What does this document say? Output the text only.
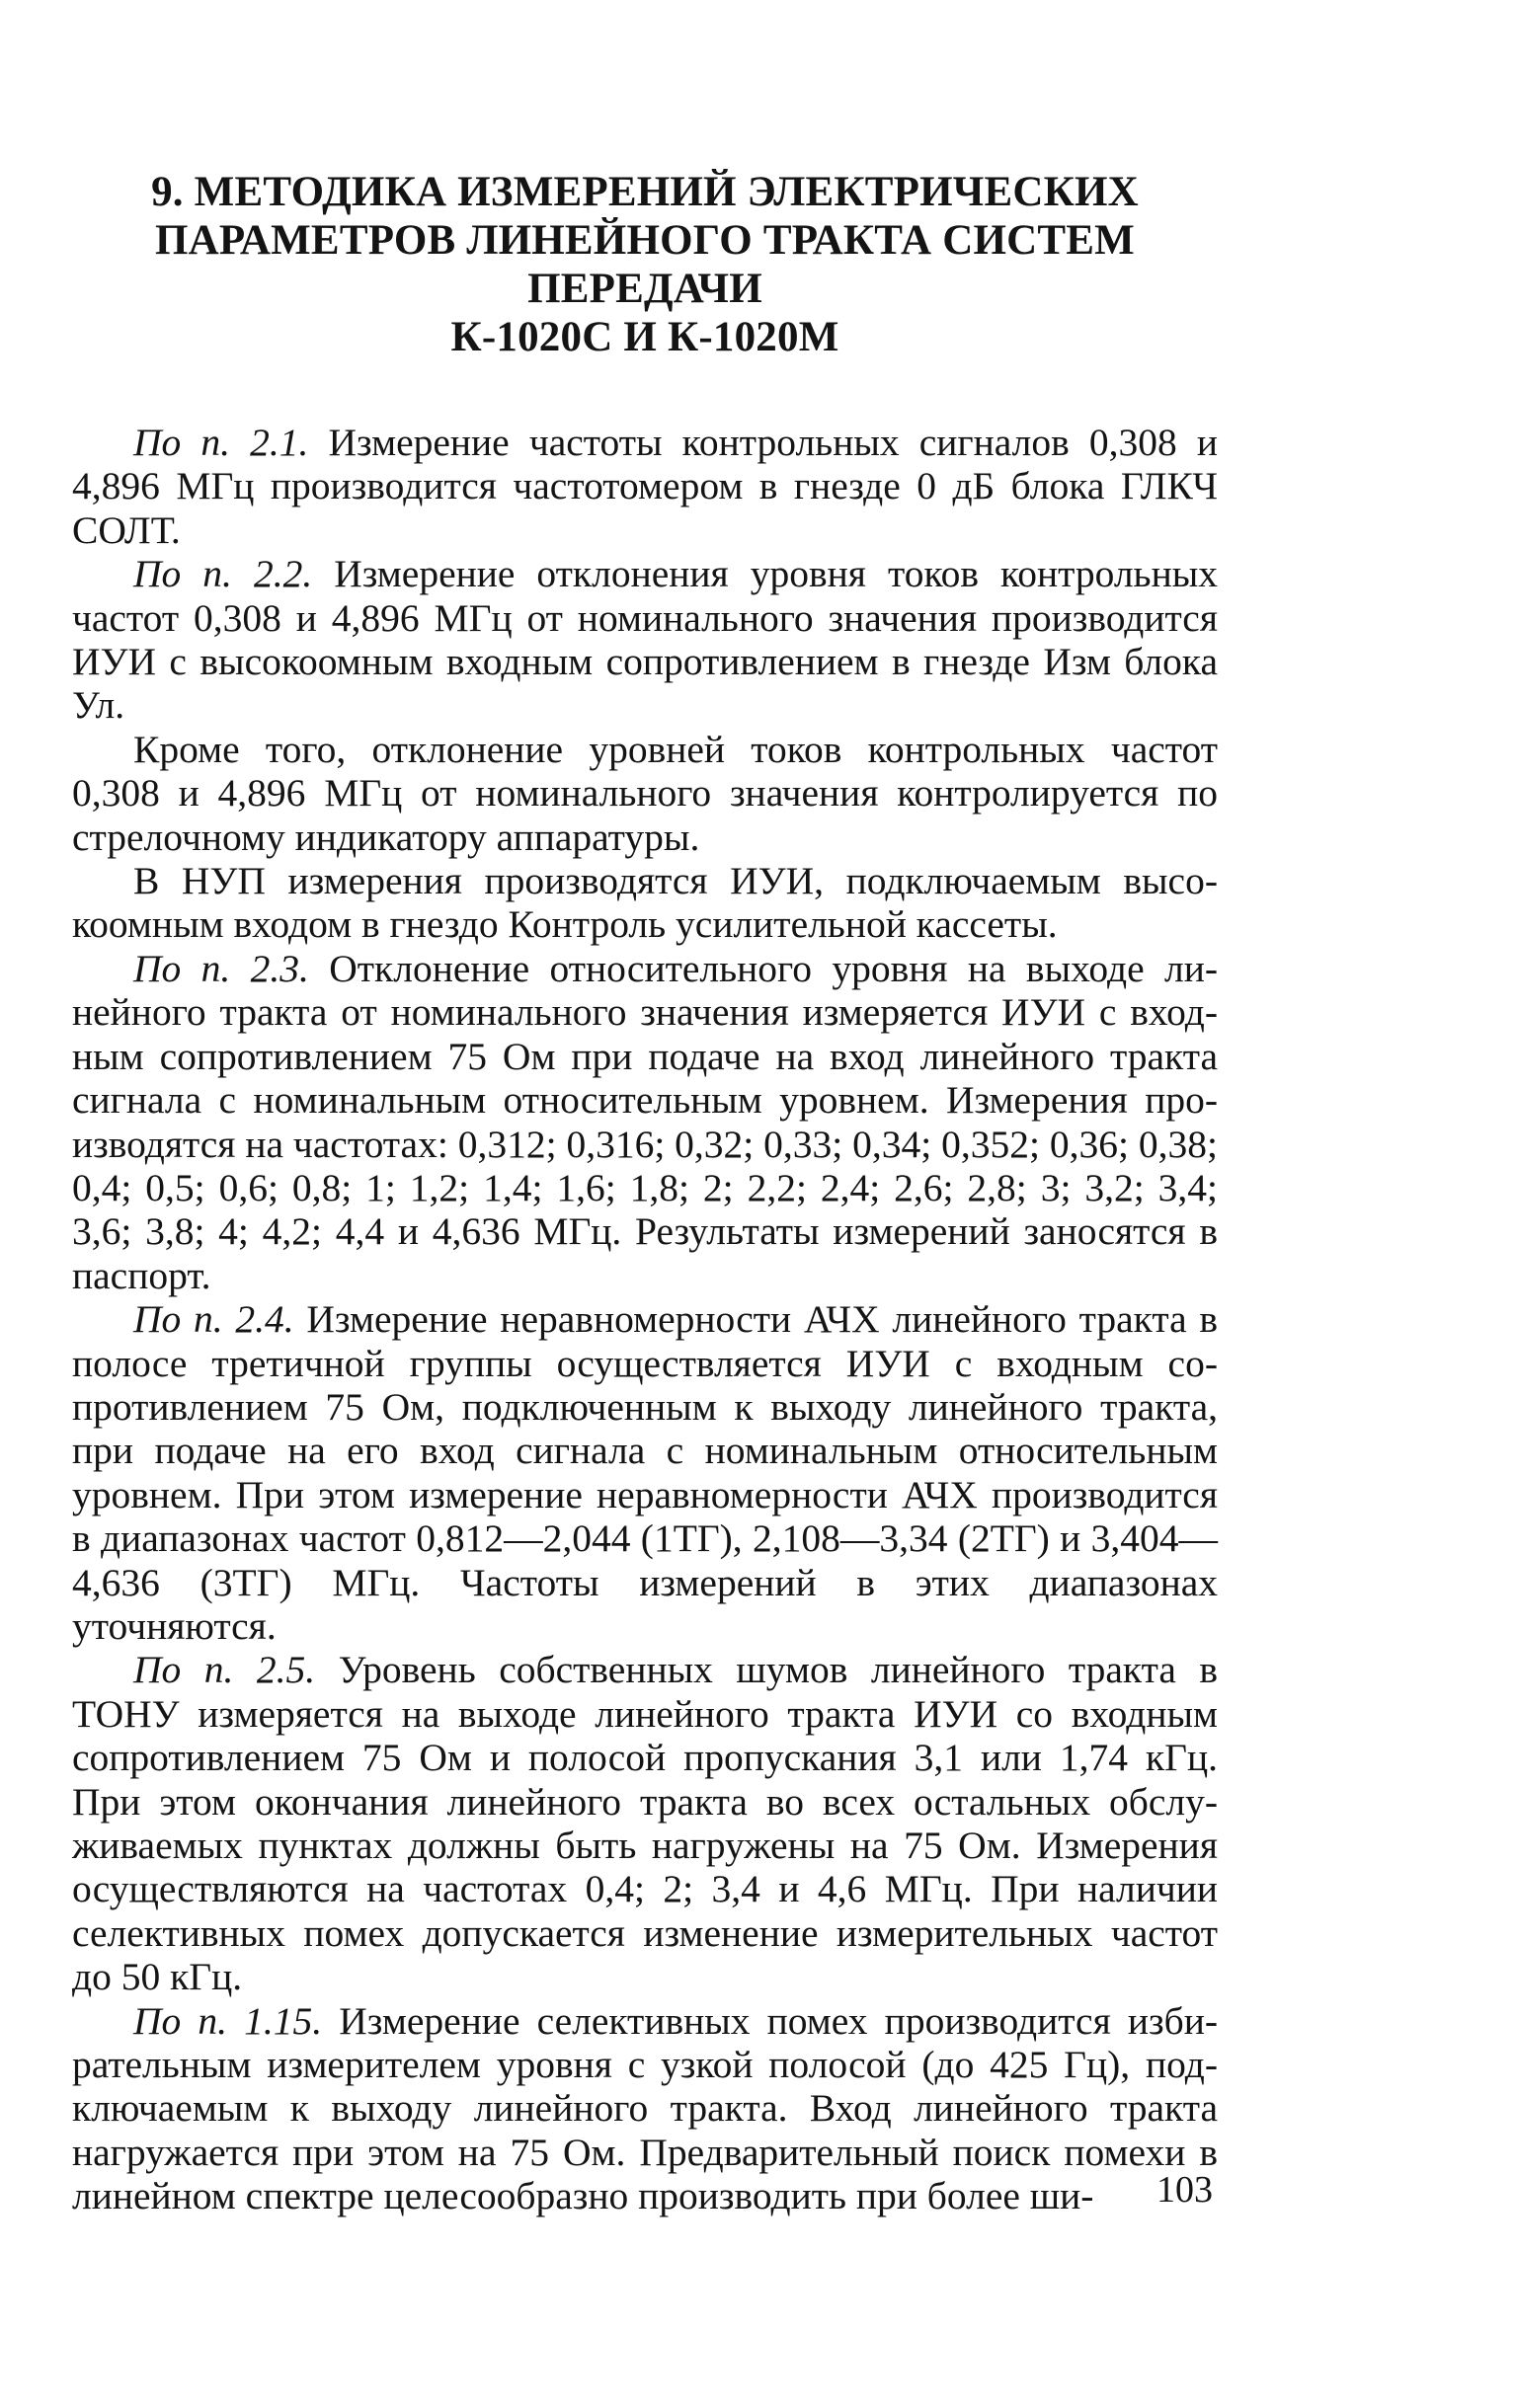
9. МЕТОДИКА ИЗМЕРЕНИЙ ЭЛЕКТРИЧЕСКИХ
ПАРАМЕТРОВ ЛИНЕЙНОГО ТРАКТА СИСТЕМ ПЕРЕДАЧИ
К-1020С И К-1020М

По п. 2.1. Измерение частоты контрольных сигналов 0,308 и 4,896 МГц производится частотомером в гнезде 0 дБ блока ГЛКЧ СОЛТ.

По п. 2.2. Измерение отклонения уровня токов контрольных частот 0,308 и 4,896 МГц от номинального значения производится ИУИ с высокоомным входным сопротивлением в гнезде Изм блока Ул.

Кроме того, отклонение уровней токов контрольных частот 0,308 и 4,896 МГц от номинального значения контролируется по стрелочному индикатору аппаратуры.

В НУП измерения производятся ИУИ, подключаемым высокоомным входом в гнездо Контроль усилительной кассеты.

По п. 2.3. Отклонение относительного уровня на выходе линейного тракта от номинального значения измеряется ИУИ с входным сопротивлением 75 Ом при подаче на вход линейного тракта сигнала с номинальным относительным уровнем. Измерения производятся на частотах: 0,312; 0,316; 0,32; 0,33; 0,34; 0,352; 0,36; 0,38; 0,4; 0,5; 0,6; 0,8; 1; 1,2; 1,4; 1,6; 1,8; 2; 2,2; 2,4; 2,6; 2,8; 3; 3,2; 3,4; 3,6; 3,8; 4; 4,2; 4,4 и 4,636 МГц. Результаты измерений заносятся в паспорт.

По п. 2.4. Измерение неравномерности АЧХ линейного тракта в полосе третичной группы осуществляется ИУИ с входным сопротивлением 75 Ом, подключенным к выходу линейного тракта, при подаче на его вход сигнала с номинальным относительным уровнем. При этом измерение неравномерности АЧХ производится в диапазонах частот 0,812—2,044 (1ТГ), 2,108—3,34 (2ТГ) и 3,404—4,636 (3ТГ) МГц. Частоты измерений в этих диапазонах уточняются.

По п. 2.5. Уровень собственных шумов линейного тракта в ТОНУ измеряется на выходе линейного тракта ИУИ со входным сопротивлением 75 Ом и полосой пропускания 3,1 или 1,74 кГц. При этом окончания линейного тракта во всех остальных обслуживаемых пунктах должны быть нагружены на 75 Ом. Измерения осуществляются на частотах 0,4; 2; 3,4 и 4,6 МГц. При наличии селективных помех допускается изменение измерительных частот до 50 кГц.

По п. 1.15. Измерение селективных помех производится избирательным измерителем уровня с узкой полосой (до 425 Гц), подключаемым к выходу линейного тракта. Вход линейного тракта нагружается при этом на 75 Ом. Предварительный поиск помехи в линейном спектре целесообразно производить при более ши-	103
